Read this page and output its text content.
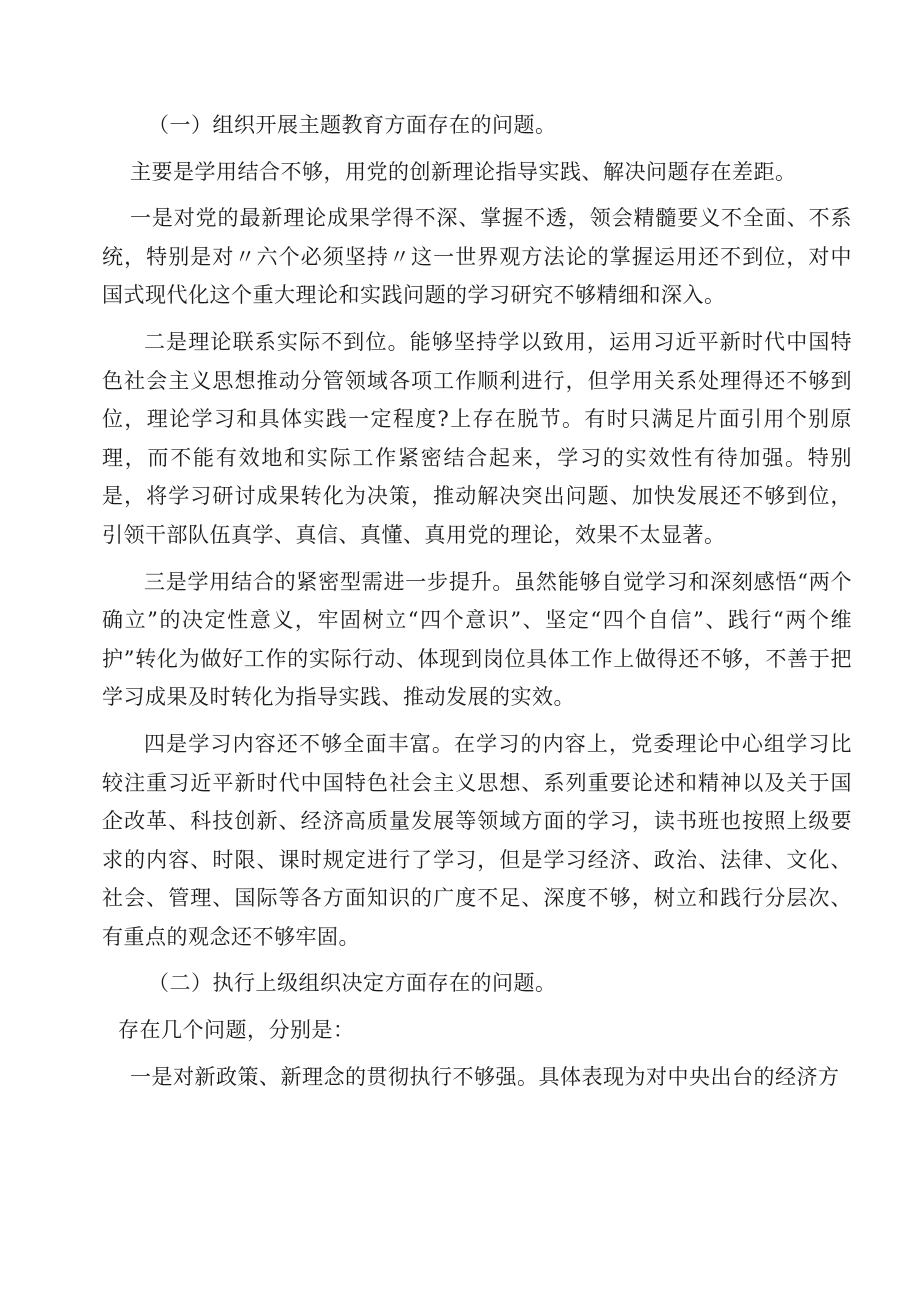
（一）组织开展主题教育方面存在的问题。

主要是学用结合不够，用党的创新理论指导实践、解决问题存在差距。

一是对党的最新理论成果学得不深、掌握不透，领会精髓要义不全面、不系统，特别是对〃六个必须坚持〃这一世界观方法论的掌握运用还不到位，对中国式现代化这个重大理论和实践问题的学习研究不够精细和深入。

二是理论联系实际不到位。能够坚持学以致用，运用习近平新时代中国特色社会主义思想推动分管领域各项工作顺利进行，但学用关系处理得还不够到位，理论学习和具体实践一定程度?上存在脱节。有时只满足片面引用个别原理，而不能有效地和实际工作紧密结合起来，学习的实效性有待加强。特别是，将学习研讨成果转化为决策，推动解决突出问题、加快发展还不够到位，引领干部队伍真学、真信、真懂、真用党的理论，效果不太显著。

三是学用结合的紧密型需进一步提升。虽然能够自觉学习和深刻感悟“两个确立”的决定性意义，牢固树立“四个意识”、坚定“四个自信”、践行“两个维护”转化为做好工作的实际行动、体现到岗位具体工作上做得还不够，不善于把学习成果及时转化为指导实践、推动发展的实效。

四是学习内容还不够全面丰富。在学习的内容上，党委理论中心组学习比较注重习近平新时代中国特色社会主义思想、系列重要论述和精神以及关于国企改革、科技创新、经济高质量发展等领域方面的学习，读书班也按照上级要求的内容、时限、课时规定进行了学习，但是学习经济、政治、法律、文化、社会、管理、国际等各方面知识的广度不足、深度不够，树立和践行分层次、有重点的观念还不够牢固。

（二）执行上级组织决定方面存在的问题。

存在几个问题，分别是：

一是对新政策、新理念的贯彻执行不够强。具体表现为对中央出台的经济方
